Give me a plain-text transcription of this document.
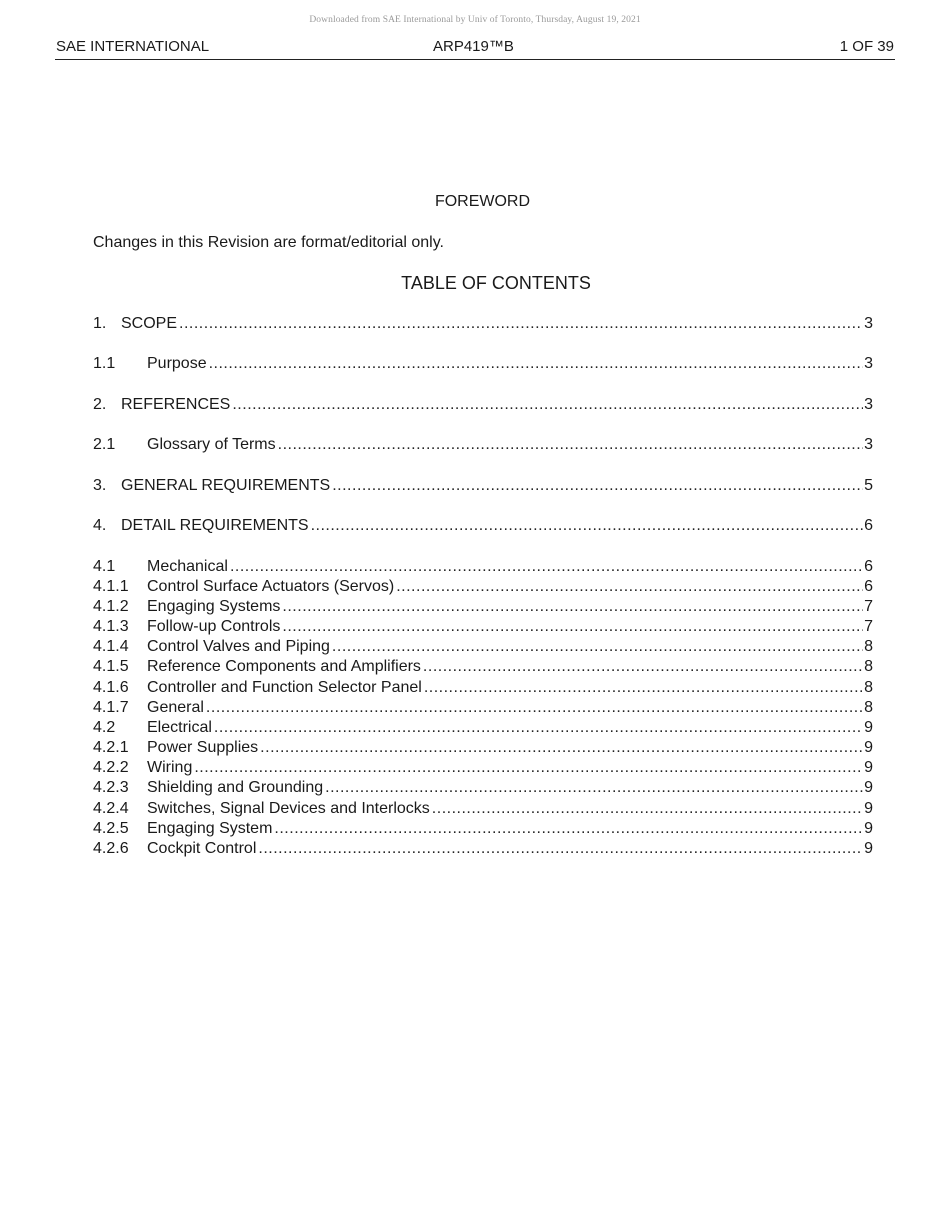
Downloaded from SAE International by Univ of Toronto, Thursday, August 19, 2021
SAE INTERNATIONAL	ARP419™B	1 OF 39
FOREWORD
Changes in this Revision are format/editorial only.
TABLE OF CONTENTS
1. SCOPE .....	3
1.1	Purpose .....	3
2. REFERENCES .....	3
2.1	Glossary of Terms .....	3
3. GENERAL REQUIREMENTS .....	5
4. DETAIL REQUIREMENTS .....	6
4.1	Mechanical .....	6
4.1.1	Control Surface Actuators (Servos) .....	6
4.1.2	Engaging Systems .....	7
4.1.3	Follow-up Controls .....	7
4.1.4	Control Valves and Piping .....	8
4.1.5	Reference Components and Amplifiers .....	8
4.1.6	Controller and Function Selector Panel .....	8
4.1.7	General .....	8
4.2	Electrical .....	9
4.2.1	Power Supplies .....	9
4.2.2	Wiring .....	9
4.2.3	Shielding and Grounding .....	9
4.2.4	Switches, Signal Devices and Interlocks .....	9
4.2.5	Engaging System .....	9
4.2.6	Cockpit Control .....	9
